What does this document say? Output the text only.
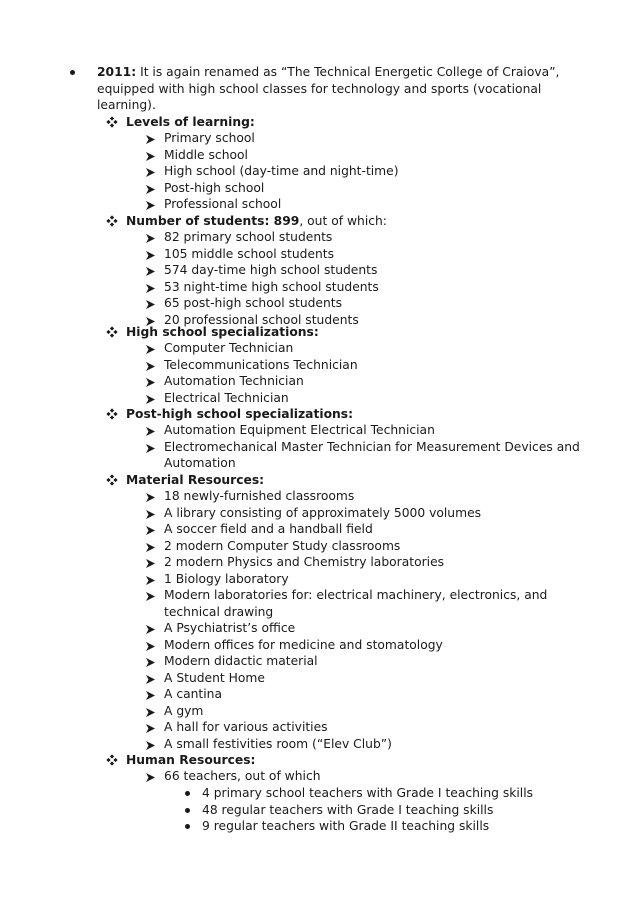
2011: It is again renamed as “The Technical Energetic College of Craiova”,
equipped with high school classes for technology and sports (vocational
learning).
Levels of learning:
Primary school
Middle school
High school (day-time and night-time)
Post-high school
Professional school
Number of students: 899, out of which:
82 primary school students
105 middle school students
574 day-time high school students
53 night-time high school students
65 post-high school students
20 professional school students
High school specializations:
Computer Technician
Telecommunications Technician
Automation Technician
Electrical Technician
Post-high school specializations:
Automation Equipment Electrical Technician
Electromechanical Master Technician for Measurement Devices and
Automation
Material Resources:
18 newly-furnished classrooms
A library consisting of approximately 5000 volumes
A soccer field and a handball field
2 modern Computer Study classrooms
2 modern Physics and Chemistry laboratories
1 Biology laboratory
Modern laboratories for: electrical machinery, electronics, and
technical drawing
A Psychiatrist’s office
Modern offices for medicine and stomatology
Modern didactic material
A Student Home
A cantina
A gym
A hall for various activities
A small festivities room (“Elev Club”)
Human Resources:
66 teachers, out of which
4 primary school teachers with Grade I teaching skills
48 regular teachers with Grade I teaching skills
9 regular teachers with Grade II teaching skills
